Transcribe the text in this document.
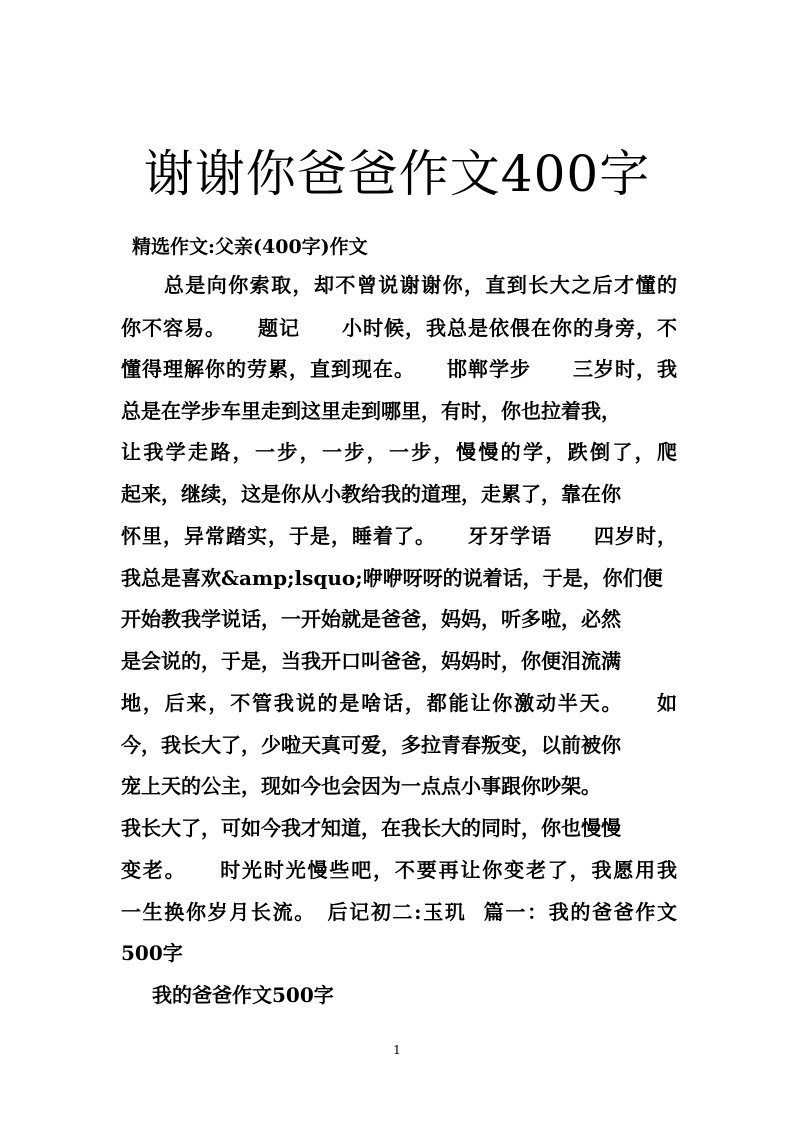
谢谢你爸爸作文400字
精选作文:父亲(400字)作文
　　总是向你索取，却不曾说谢谢你，直到长大之后才懂的
你不容易。　　题记　　小时候，我总是依偎在你的身旁，不
懂得理解你的劳累，直到现在。　　邯郸学步　　三岁时，我
总是在学步车里走到这里走到哪里，有时，你也拉着我，
让我学走路，一步，一步，一步，慢慢的学，跌倒了，爬
起来，继续，这是你从小教给我的道理，走累了，靠在你
怀里，异常踏实，于是，睡着了。　　牙牙学语　　四岁时，
我总是喜欢&amp;lsquo;咿咿呀呀的说着话，于是，你们便
开始教我学说话，一开始就是爸爸，妈妈，听多啦，必然
是会说的，于是，当我开口叫爸爸，妈妈时，你便泪流满
地，后来，不管我说的是啥话，都能让你激动半天。　　如
今，我长大了，少啦天真可爱，多拉青春叛变，以前被你
宠上天的公主，现如今也会因为一点点小事跟你吵架。
我长大了，可如今我才知道，在我长大的同时，你也慢慢
变老。　　时光时光慢些吧，不要再让你变老了，我愿用我
一生换你岁月长流。　后记初二:玉玑  篇一：我的爸爸作文
500字
我的爸爸作文500字
1
